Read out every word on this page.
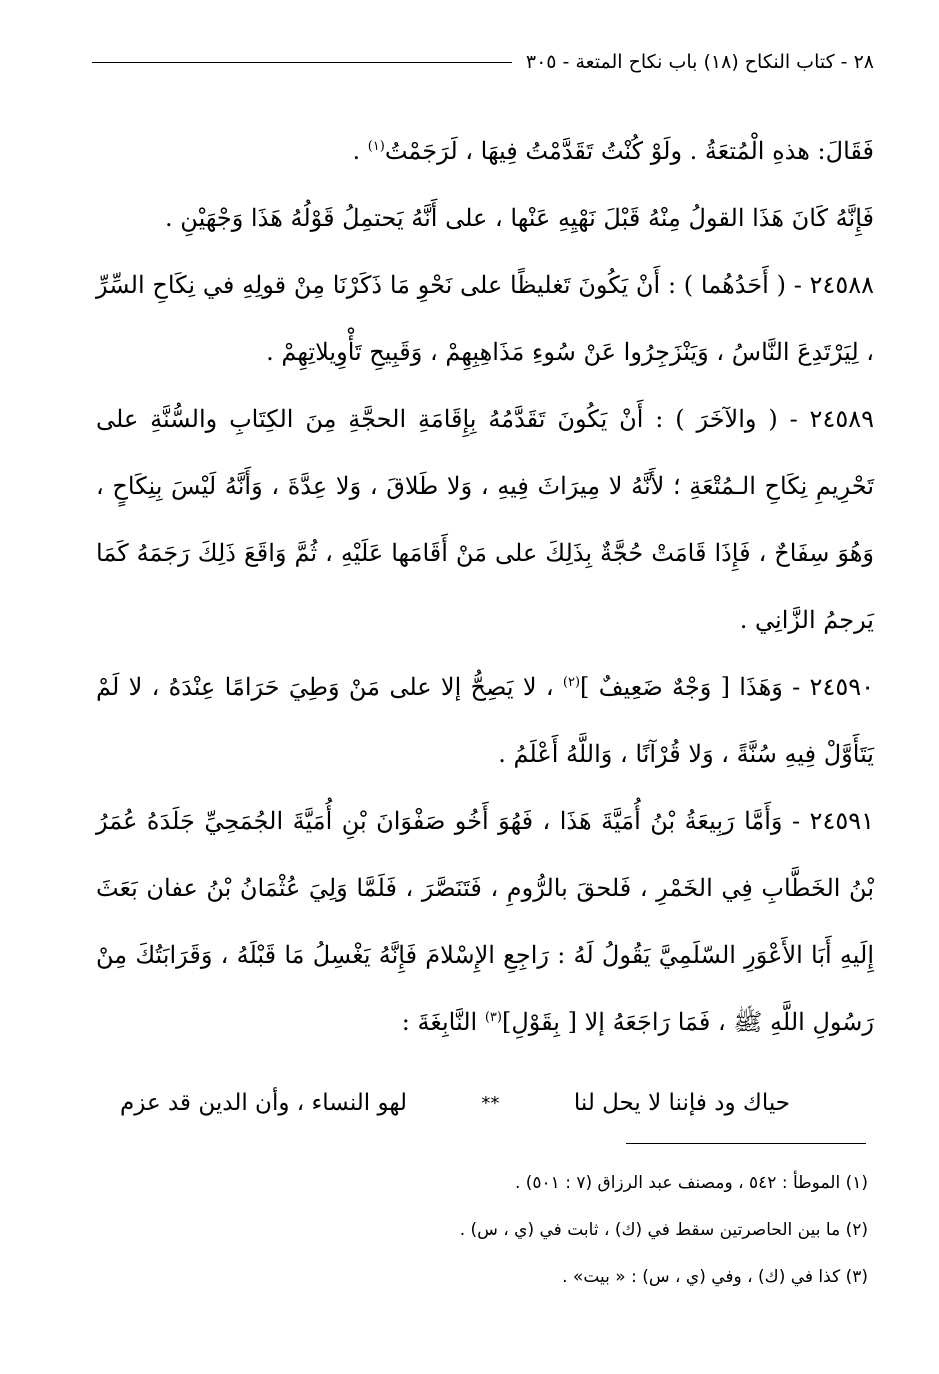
٢٨ - كتاب النكاح (١٨) باب نكاح المتعة - ٣٠٥

فَقَالَ: هذهِ الْمُتعَةُ . ولَوْ كُنْتُ تَقَدَّمْتُ فِيهَا ، لَرَجَمْتُ$^{(١)}$ .

فَإِنَّهُ كَانَ هَذَا القولُ مِنْهُ قَبْلَ نَهْيِهِ عَنْها ، على أَنَّهُ يَحتمِلُ قَوْلُهُ هَذَا وَجْهَيْنِ .

٢٤٥٨٨ - ( أَحَدُهُما ) : أَنْ يَكُونَ تَغليظًا على نَحْوِ مَا ذَكَرْنَا مِنْ قولِهِ في نِكَاحِ السِّرِّ ، لِيَرْتَدِعَ النَّاسُ ، وَيَنْزَجِرُوا عَنْ سُوءِ مَذَاهِبِهِمْ ، وَقَبِيحِ تَأْوِيلاتِهِمْ .

٢٤٥٨٩ - ( والآخَرَ ) : أَنْ يَكُونَ تَقَدَّمُهُ بِإِقَامَةِ الحجَّةِ مِنَ الكِتَابِ والسُّنَّةِ على تَحْرِيمِ نِكَاحِ الـمُتْعَةِ ؛ لأَنَّهُ لا مِيرَاثَ فِيهِ ، وَلا طَلاقَ ، وَلا عِدَّةَ ، وَأَنَّهُ لَيْسَ بِنِكَاحٍ ، وَهُوَ سِفَاحٌ ، فَإِذَا قَامَتْ حُجَّةٌ بِذَلِكَ على مَنْ أَقَامَها عَلَيْهِ ، ثُمَّ وَاقَعَ ذَلِكَ رَجَمَهُ كَمَا يَرجمُ الزَّانِي .

٢٤٥٩٠ - وَهَذَا [ وَجْهٌ ضَعِيفٌ ]$^{(٢)}$ ، لا يَصِحُّ إلا على مَنْ وَطِيَ حَرَامًا عِنْدَهُ ، لا لَمْ يَتَأَوَّلْ فِيهِ سُنَّةً ، وَلا قُرْآنًا ، وَاللَّهُ أَعْلَمُ .

٢٤٥٩١ - وَأَمَّا رَبِيعَةُ بْنُ أُمَيَّةَ هَذَا ، فَهُوَ أَخُو صَفْوَانَ بْنِ أُمَيَّةَ الجُمَحِيِّ جَلَدَهُ عُمَرُ بْنُ الخَطَّابِ فِي الخَمْرِ ، فَلحقَ بالرُّومِ ، فَتَنَصَّرَ ، فَلَمَّا وَلِيَ عُثْمَانُ بْنُ عفان بَعَثَ إِلَيهِ أَبَا الأَعْوَرِ السّلَمِيَّ يَقُولُ لَهُ : رَاجِعِ الإِسْلامَ فَإِنَّهُ يَغْسِلُ مَا قَبْلَهُ ، وَقَرَابَتُكَ مِنْ رَسُولِ اللَّهِ ﷺ ، فَمَا رَاجَعَهُ إلا [ بِقَوْلِ]$^{(٣)}$ النَّابِغَةَ :

حياك ود فإننا لا يحل لنا
**
لهو النساء ، وأن الدين قد عزم

(١) الموطأ : ٥٤٢ ، ومصنف عبد الرزاق (٧ : ٥٠١) .

(٢) ما بين الحاصرتين سقط في (ك) ، ثابت في (ي ، س) .

(٣) كذا في (ك) ، وفي (ي ، س) : « بيت» .
